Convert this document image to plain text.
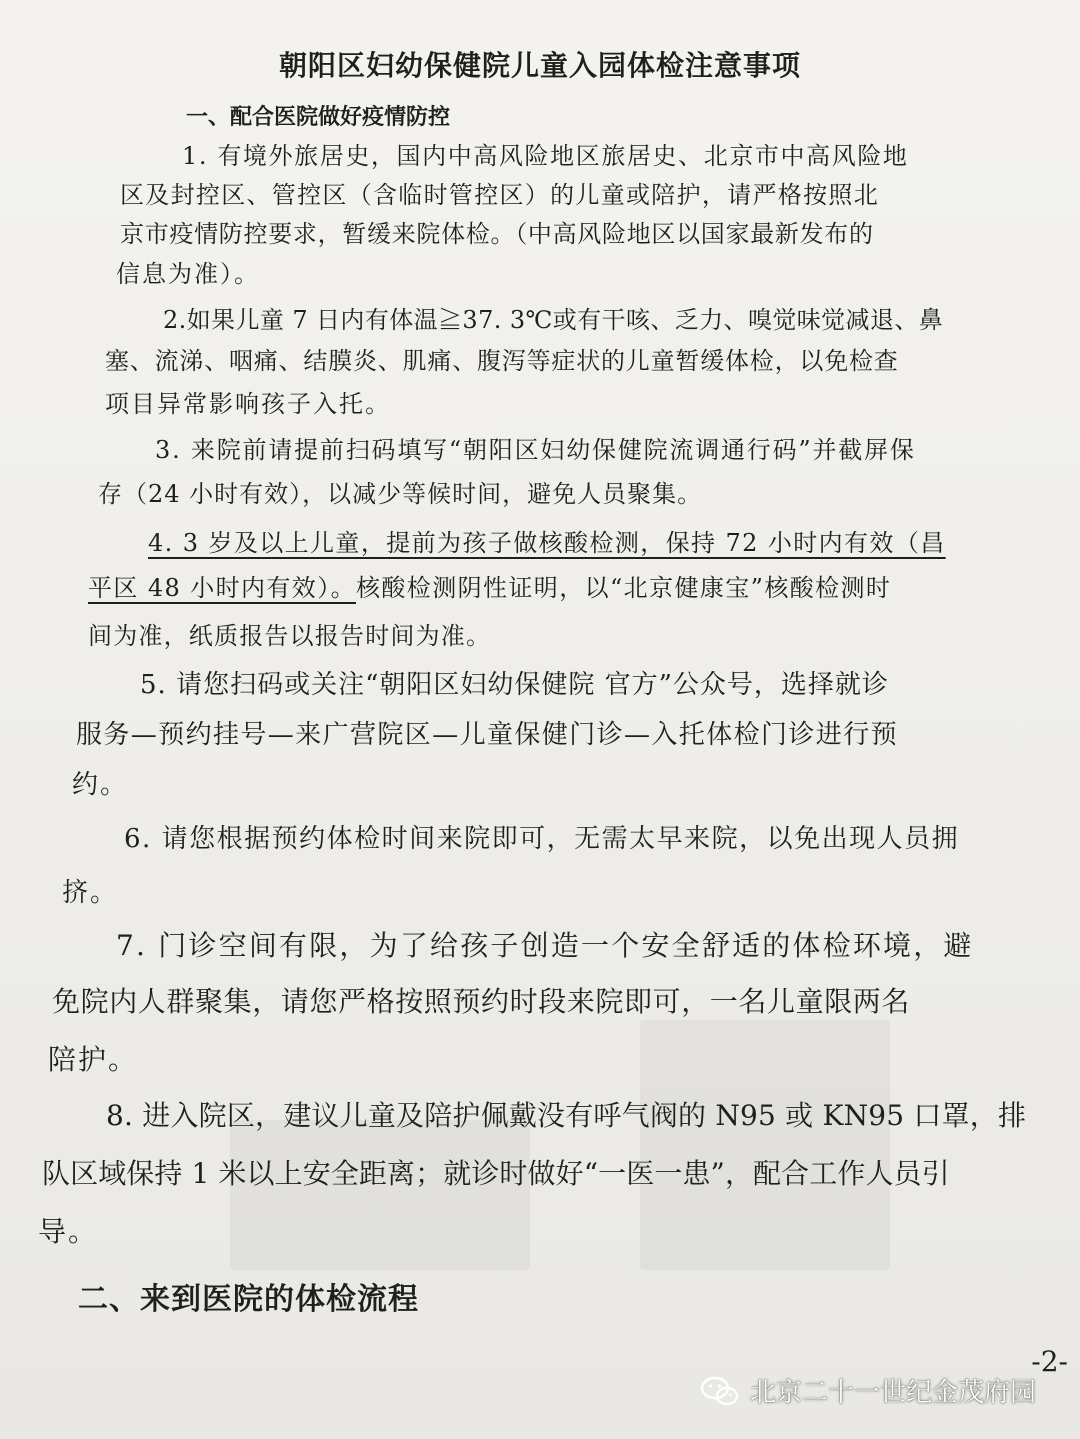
朝阳区妇幼保健院儿童入园体检注意事项
一、配合医院做好疫情防控
1. 有境外旅居史，国内中高风险地区旅居史、北京市中高风险地
区及封控区、管控区（含临时管控区）的儿童或陪护，请严格按照北
京市疫情防控要求，暂缓来院体检。（中高风险地区以国家最新发布的
信息为准）。
2.如果儿童 7 日内有体温≧37. 3℃或有干咳、乏力、嗅觉味觉减退、鼻
塞、流涕、咽痛、结膜炎、肌痛、腹泻等症状的儿童暂缓体检，以免检查
项目异常影响孩子入托。
3. 来院前请提前扫码填写“朝阳区妇幼保健院流调通行码”并截屏保
存（24 小时有效），以减少等候时间，避免人员聚集。
4. 3 岁及以上儿童，提前为孩子做核酸检测，保持 72 小时内有效（昌
平区 48 小时内有效）。核酸检测阴性证明，以“北京健康宝”核酸检测时
间为准，纸质报告以报告时间为准。
5. 请您扫码或关注“朝阳区妇幼保健院 官方”公众号，选择就诊
服务—预约挂号—来广营院区—儿童保健门诊—入托体检门诊进行预
约。
6. 请您根据预约体检时间来院即可，无需太早来院，以免出现人员拥
挤。
7. 门诊空间有限，为了给孩子创造一个安全舒适的体检环境，避
免院内人群聚集，请您严格按照预约时段来院即可，一名儿童限两名
陪护。
8. 进入院区，建议儿童及陪护佩戴没有呼气阀的 N95 或 KN95 口罩，排
队区域保持 1 米以上安全距离；就诊时做好“一医一患”，配合工作人员引
导。
二、来到医院的体检流程
-2-
北京二十一世纪金茂府园
